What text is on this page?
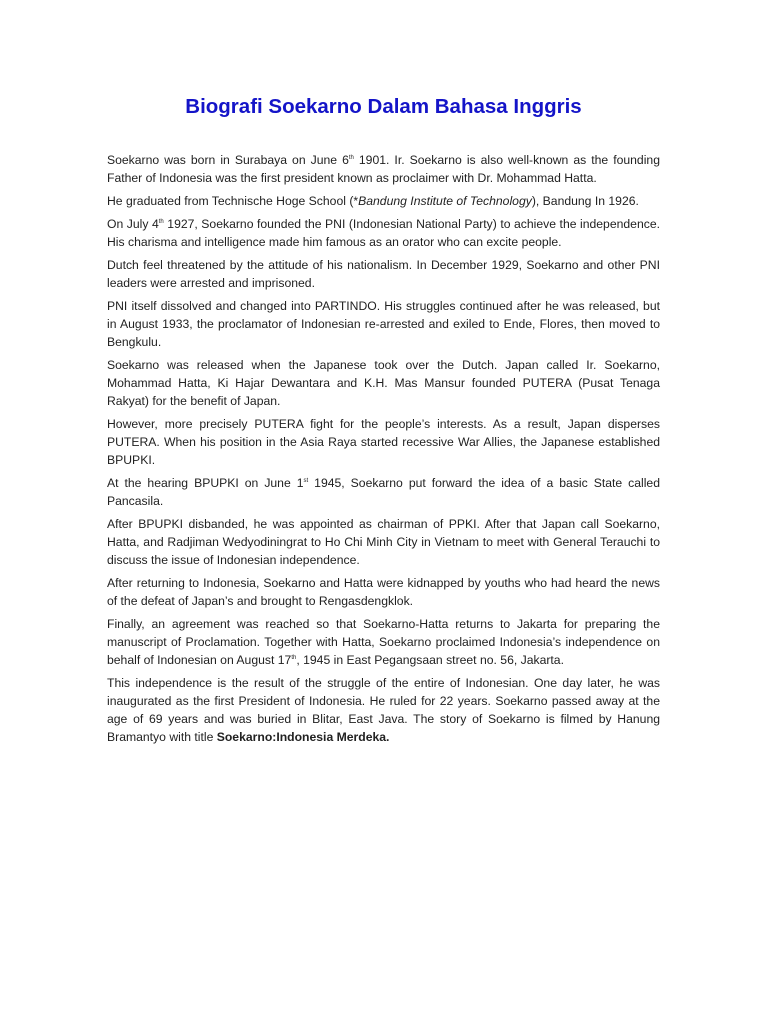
Biografi Soekarno Dalam Bahasa Inggris

Soekarno was born in Surabaya on June 6th 1901. Ir. Soekarno is also well-known as the founding Father of Indonesia was the first president known as proclaimer with Dr. Mohammad Hatta.

He graduated from Technische Hoge School (*Bandung Institute of Technology), Bandung In 1926.

On July 4th 1927, Soekarno founded the PNI (Indonesian National Party) to achieve the independence. His charisma and intelligence made him famous as an orator who can excite people.

Dutch feel threatened by the attitude of his nationalism. In December 1929, Soekarno and other PNI leaders were arrested and imprisoned.

PNI itself dissolved and changed into PARTINDO. His struggles continued after he was released, but in August 1933, the proclamator of Indonesian re-arrested and exiled to Ende, Flores, then moved to Bengkulu.

Soekarno was released when the Japanese took over the Dutch. Japan called Ir. Soekarno, Mohammad Hatta, Ki Hajar Dewantara and K.H. Mas Mansur founded PUTERA (Pusat Tenaga Rakyat) for the benefit of Japan.

However, more precisely PUTERA fight for the people’s interests. As a result, Japan disperses PUTERA. When his position in the Asia Raya started recessive War Allies, the Japanese established BPUPKI.

At the hearing BPUPKI on June 1st 1945, Soekarno put forward the idea of a basic State called Pancasila.

After BPUPKI disbanded, he was appointed as chairman of PPKI. After that Japan call Soekarno, Hatta, and Radjiman Wedyodiningrat to Ho Chi Minh City in Vietnam to meet with General Terauchi to discuss the issue of Indonesian independence.

After returning to Indonesia, Soekarno and Hatta were kidnapped by youths who had heard the news of the defeat of Japan’s and brought to Rengasdengklok.

Finally, an agreement was reached so that Soekarno-Hatta returns to Jakarta for preparing the manuscript of Proclamation. Together with Hatta, Soekarno proclaimed Indonesia’s independence on behalf of Indonesian on August 17th, 1945 in East Pegangsaan street no. 56, Jakarta.

This independence is the result of the struggle of the entire of Indonesian. One day later, he was inaugurated as the first President of Indonesia. He ruled for 22 years. Soekarno passed away at the age of 69 years and was buried in Blitar, East Java. The story of Soekarno is filmed by Hanung Bramantyo with title Soekarno:Indonesia Merdeka.
